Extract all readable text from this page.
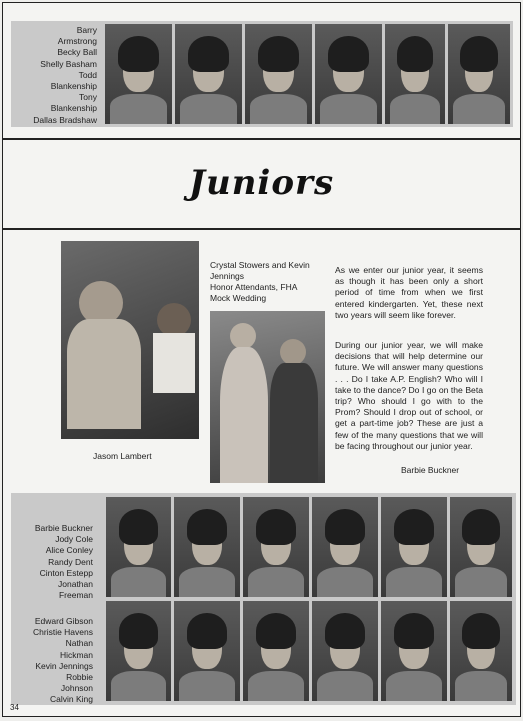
Barry
Armstrong
Becky Ball
Shelly Basham
Todd
Blankenship
Tony
Blankenship
Dallas Bradshaw
Juniors
Jasom Lambert
Crystal Stowers and Kevin
Jennings
Honor Attendants, FHA
Mock Wedding
As we enter our junior year, it seems as though it has been only a short period of time from when we first entered kindergarten. Yet, these next two years will seem like forever.
During our junior year, we will make decisions that will help determine our future. We will answer many questions . . . Do I take A.P. English? Who will I take to the dance? Do I go on the Beta trip? Who should I go with to the Prom? Should I drop out of school, or get a part-time job? These are just a few of the many questions that we will be facing throughout our junior year.
Barbie Buckner
Barbie Buckner
Jody Cole
Alice Conley
Randy Dent
Cinton Estepp
Jonathan
Freeman
Edward Gibson
Christie Havens
Nathan
Hickman
Kevin Jennings
Robbie
Johnson
Calvin King
34
